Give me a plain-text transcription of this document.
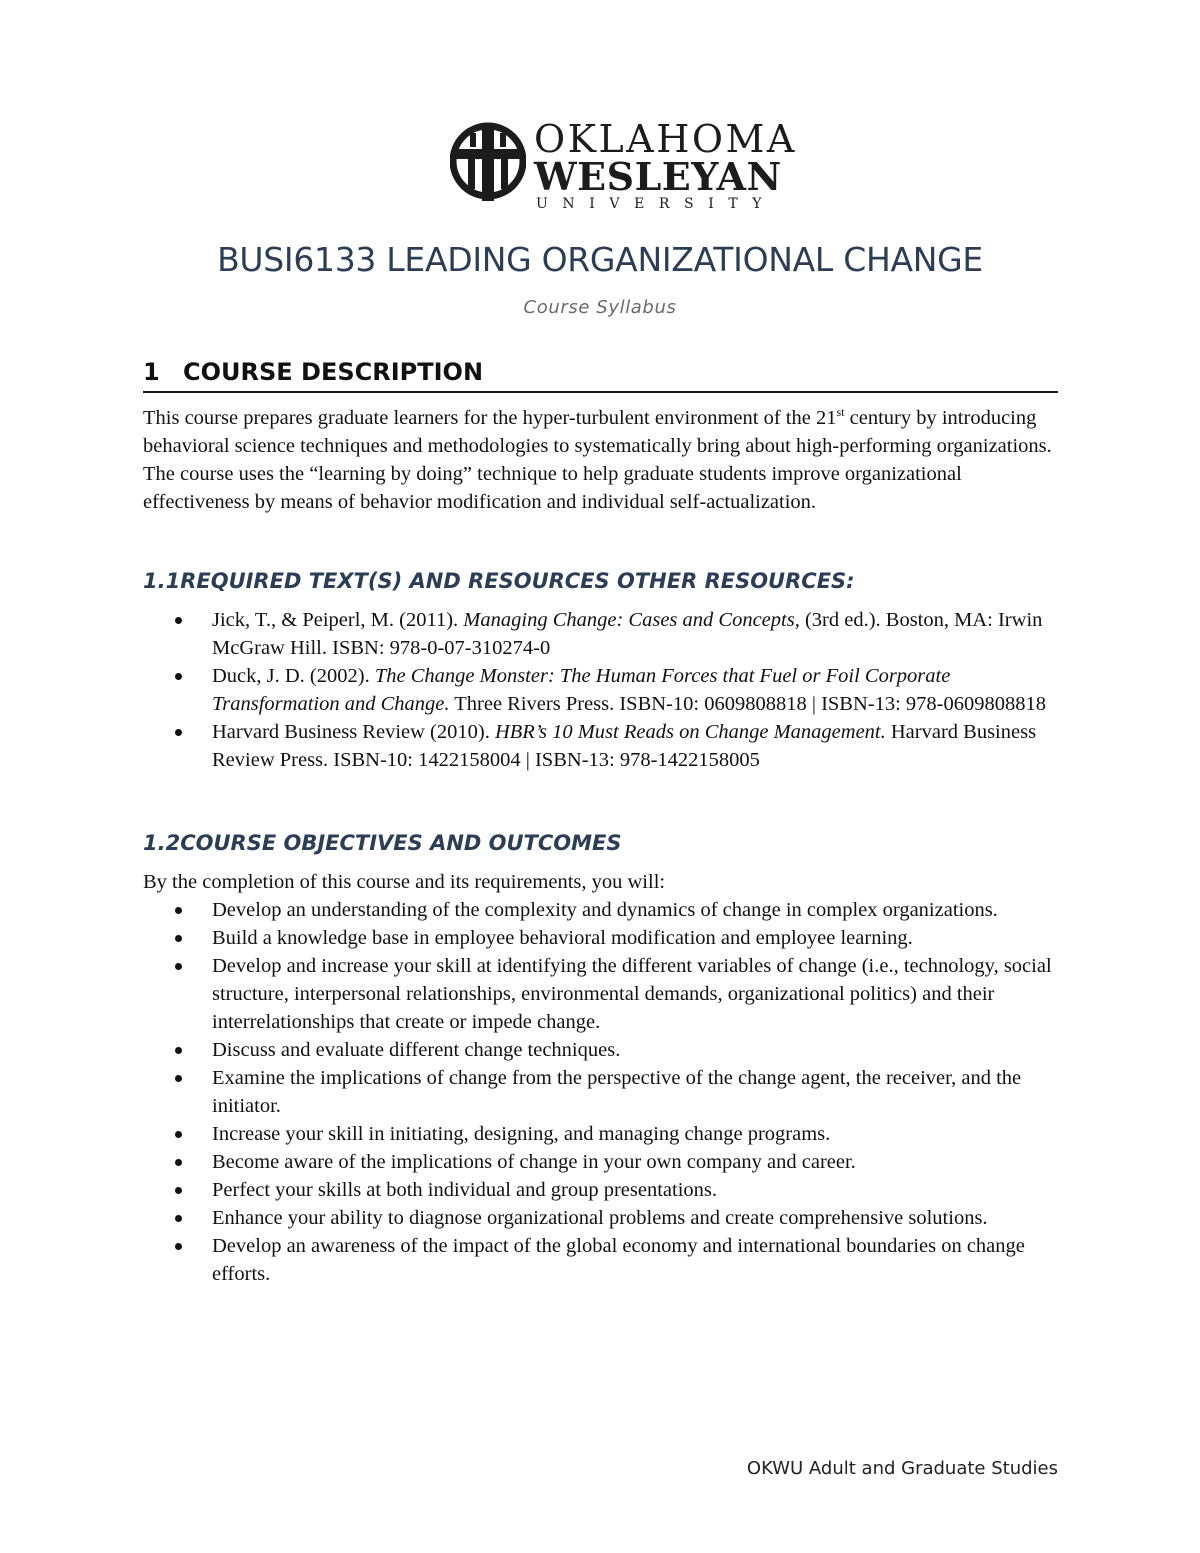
OKLAHOMA
WESLEYAN
UNIVERSITY
BUSI6133 LEADING ORGANIZATIONAL CHANGE
Course Syllabus
1 COURSE DESCRIPTION
This course prepares graduate learners for the hyper-turbulent environment of the 21st century by introducing behavioral science techniques and methodologies to systematically bring about high-performing organizations. The course uses the “learning by doing” technique to help graduate students improve organizational effectiveness by means of behavior modification and individual self-actualization.
1.1REQUIRED TEXT(S) AND RESOURCES OTHER RESOURCES:
Jick, T., & Peiperl, M. (2011). Managing Change: Cases and Concepts, (3rd ed.). Boston, MA: Irwin McGraw Hill. ISBN: 978-0-07-310274-0
Duck, J. D. (2002). The Change Monster: The Human Forces that Fuel or Foil Corporate Transformation and Change. Three Rivers Press. ISBN-10: 0609808818 | ISBN-13: 978-0609808818
Harvard Business Review (2010). HBR’s 10 Must Reads on Change Management. Harvard Business Review Press. ISBN-10: 1422158004 | ISBN-13: 978-1422158005
1.2COURSE OBJECTIVES AND OUTCOMES
By the completion of this course and its requirements, you will:
Develop an understanding of the complexity and dynamics of change in complex organizations.
Build a knowledge base in employee behavioral modification and employee learning.
Develop and increase your skill at identifying the different variables of change (i.e., technology, social structure, interpersonal relationships, environmental demands, organizational politics) and their interrelationships that create or impede change.
Discuss and evaluate different change techniques.
Examine the implications of change from the perspective of the change agent, the receiver, and the initiator.
Increase your skill in initiating, designing, and managing change programs.
Become aware of the implications of change in your own company and career.
Perfect your skills at both individual and group presentations.
Enhance your ability to diagnose organizational problems and create comprehensive solutions.
Develop an awareness of the impact of the global economy and international boundaries on change efforts.
OKWU Adult and Graduate Studies
